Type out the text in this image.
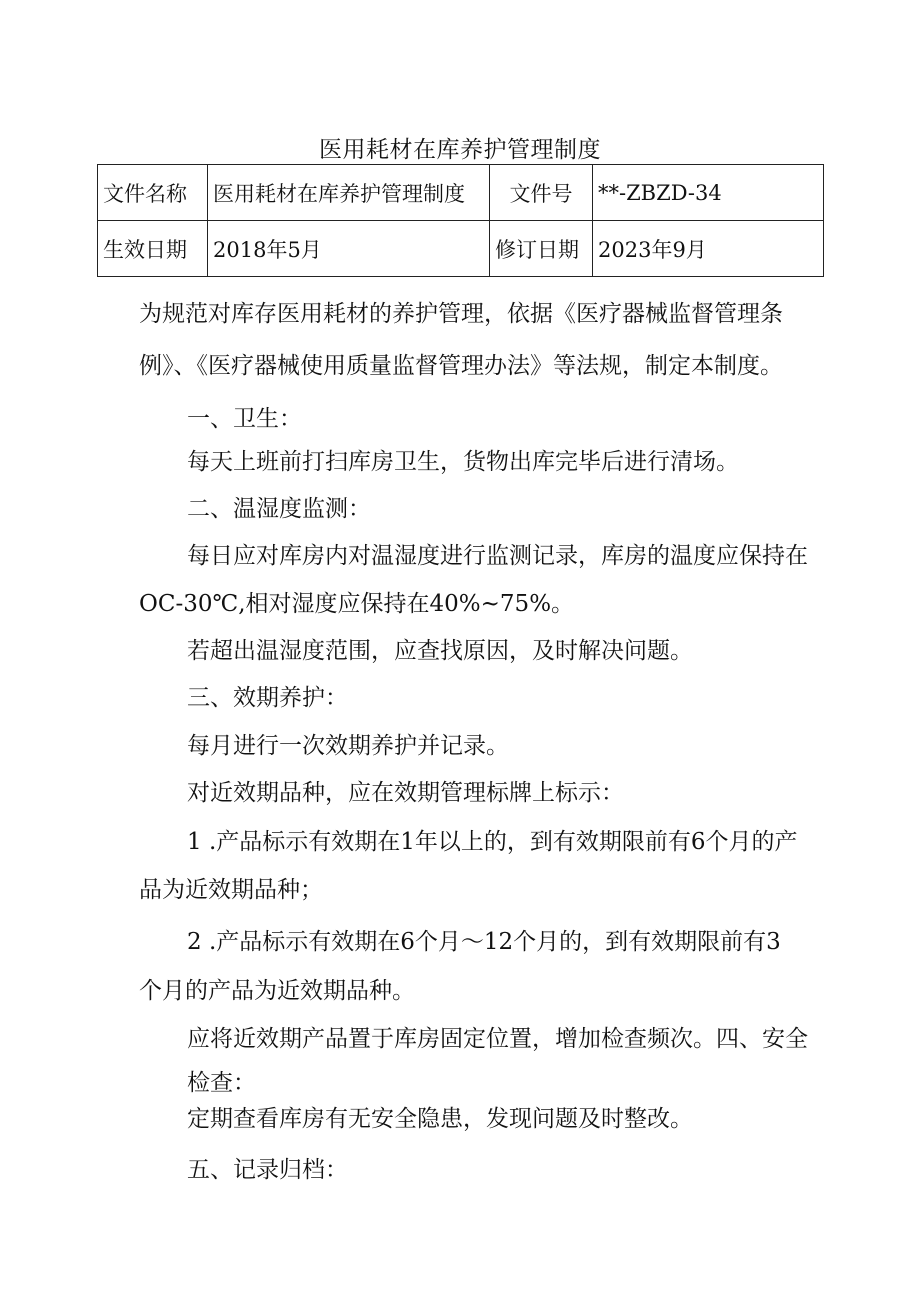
医用耗材在库养护管理制度
文件名称	医用耗材在库养护管理制度	文件号	**-ZBZD-34
生效日期	2018年5月	修订日期	2023年9月
为规范对库存医用耗材的养护管理，依据《医疗器械监督管理条
例》、《医疗器械使用质量监督管理办法》等法规，制定本制度。
一、卫生：
每天上班前打扫库房卫生，货物出库完毕后进行清场。
二、温湿度监测：
每日应对库房内对温湿度进行监测记录，库房的温度应保持在
OC-30℃,相对湿度应保持在40%~75%。
若超出温湿度范围，应查找原因，及时解决问题。
三、效期养护：
每月进行一次效期养护并记录。
对近效期品种，应在效期管理标牌上标示：
1 .产品标示有效期在1年以上的，到有效期限前有6个月的产
品为近效期品种；
2 .产品标示有效期在6个月～12个月的，到有效期限前有3
个月的产品为近效期品种。
应将近效期产品置于库房固定位置，增加检查频次。四、安全
检查：
定期查看库房有无安全隐患，发现问题及时整改。
五、记录归档：
